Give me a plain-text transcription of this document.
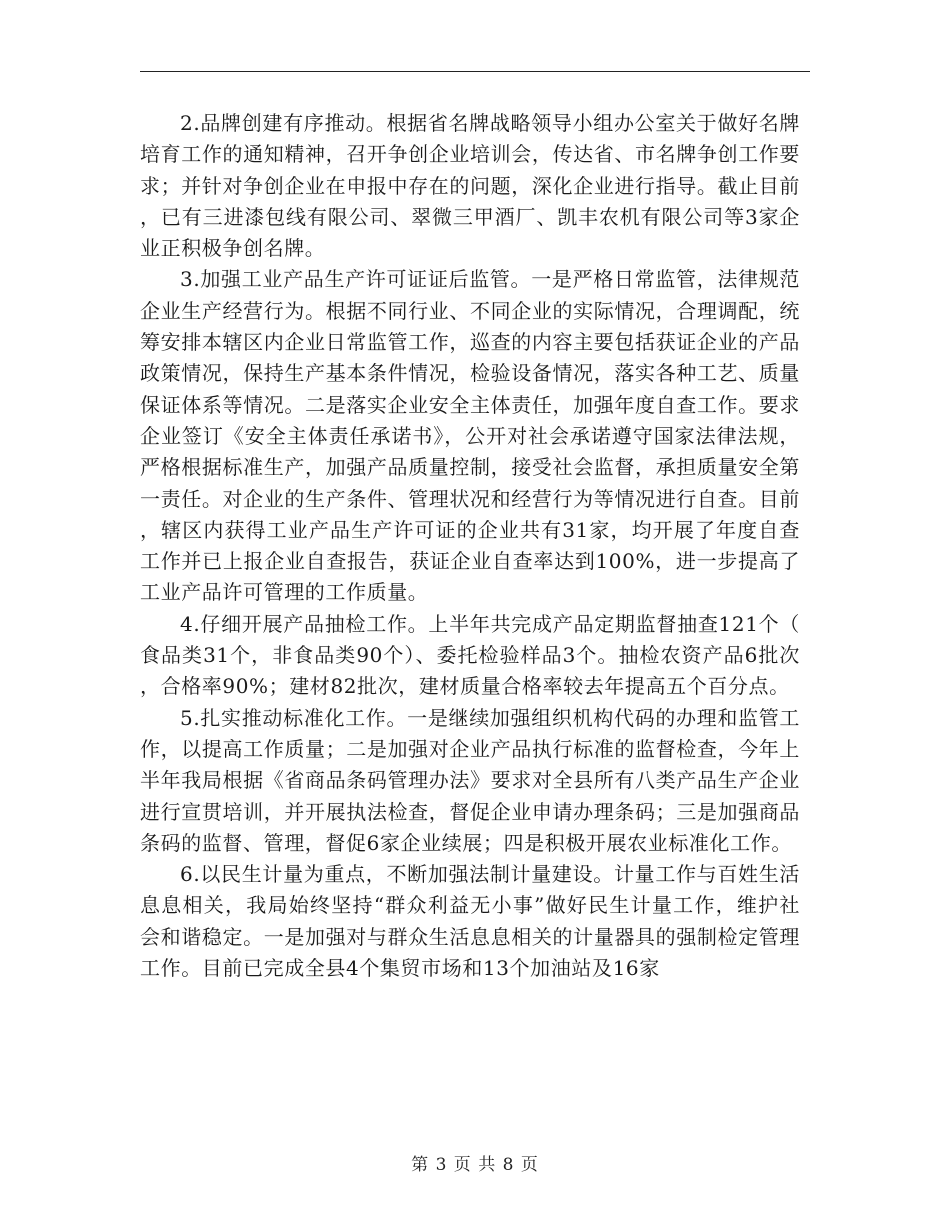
2.品牌创建有序推动。根据省名牌战略领导小组办公室关于做好名牌培育工作的通知精神，召开争创企业培训会，传达省、市名牌争创工作要求；并针对争创企业在申报中存在的问题，深化企业进行指导。截止目前，已有三进漆包线有限公司、翠微三甲酒厂、凯丰农机有限公司等3家企业正积极争创名牌。

3.加强工业产品生产许可证证后监管。一是严格日常监管，法律规范企业生产经营行为。根据不同行业、不同企业的实际情况，合理调配，统筹安排本辖区内企业日常监管工作，巡查的内容主要包括获证企业的产品政策情况，保持生产基本条件情况，检验设备情况，落实各种工艺、质量保证体系等情况。二是落实企业安全主体责任，加强年度自查工作。要求企业签订《安全主体责任承诺书》，公开对社会承诺遵守国家法律法规，严格根据标准生产，加强产品质量控制，接受社会监督，承担质量安全第一责任。对企业的生产条件、管理状况和经营行为等情况进行自查。目前，辖区内获得工业产品生产许可证的企业共有31家，均开展了年度自查工作并已上报企业自查报告，获证企业自查率达到100%，进一步提高了工业产品许可管理的工作质量。

4.仔细开展产品抽检工作。上半年共完成产品定期监督抽查121个（食品类31个，非食品类90个）、委托检验样品3个。抽检农资产品6批次，合格率90%；建材82批次，建材质量合格率较去年提高五个百分点。

5.扎实推动标准化工作。一是继续加强组织机构代码的办理和监管工作，以提高工作质量；二是加强对企业产品执行标准的监督检查，今年上半年我局根据《省商品条码管理办法》要求对全县所有八类产品生产企业进行宣贯培训，并开展执法检查，督促企业申请办理条码；三是加强商品条码的监督、管理，督促6家企业续展；四是积极开展农业标准化工作。

6.以民生计量为重点，不断加强法制计量建设。计量工作与百姓生活息息相关，我局始终坚持“群众利益无小事”做好民生计量工作，维护社会和谐稳定。一是加强对与群众生活息息相关的计量器具的强制检定管理工作。目前已完成全县4个集贸市场和13个加油站及16家

第 3 页 共 8 页
